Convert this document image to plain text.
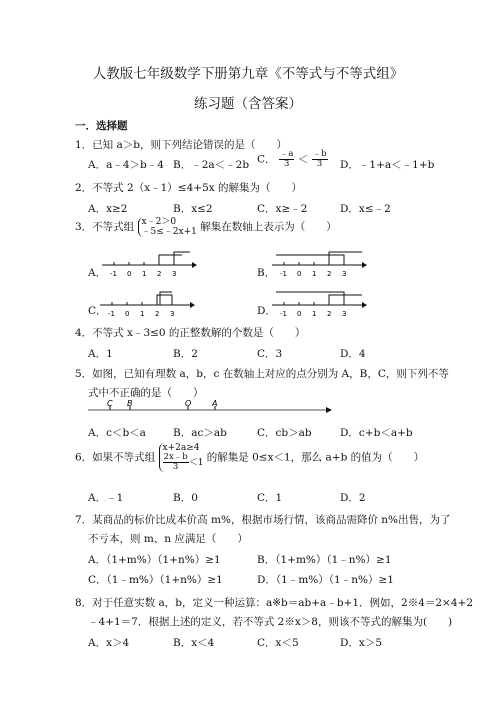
人教版七年级数学下册第九章《不等式与不等式组》
练习题（含答案）
一．选择题
1．已知 a＞b，则下列结论错误的是（　　）
A．a﹣4＞b﹣4 B．﹣2a＜﹣2b C． $\frac{﹣a}{3} < \frac{﹣b}{3}$ D．﹣1+a＜﹣1+b
2．不等式 2（x﹣1）≤4+5x 的解集为（　　）
A．x≥2	B．x≤2	C．x≥﹣2	D．x≤﹣2
3．不等式组 x﹣2＞0
﹣5≤﹣2x+1 解集在数轴上表示为（　　）
A．	B．
C．	D．
-1 0 1 2 3	-1 0 1 2 3
-1 0 1 2 3	-1 0 1 2 3
4．不等式 x﹣3≤0 的正整数解的个数是（　　）
A．1	B．2	C．3	D．4
5．如图，已知有理数 a，b，c 在数轴上对应的点分别为 A，B，C，则下列不等
式中不正确的是（　　）
C B	O	A
A．c＜b＜a	B．ac＞ab	C．cb＞ab	D．c+b＜a+b
6．如果不等式组
x+2a≥4
$\frac{2x﹣b}{3} <1$ 的解集是 0≤x＜1，那么 a+b 的值为（　　）
A．﹣1	B．0	C．1	D．2
7．某商品的标价比成本价高 m%，根据市场行情，该商品需降价 n%出售，为了
不亏本，则 m、n 应满足（　　）
A．（1+m%）（1+n%）≥1	B．（1+m%）（1﹣n%）≥1
C．（1﹣m%）（1+n%）≥1	D．（1﹣m%）（1﹣n%）≥1
8．对于任意实数 a，b，定义一种运算：a※b＝ab+a﹣b+1．例如，2※4＝2×4+2
﹣4+1＝7．根据上述的定义，若不等式 2※x＞8，则该不等式的解集为(　　)
A．x＞4	B．x＜4	C．x＜5	D．x＞5
